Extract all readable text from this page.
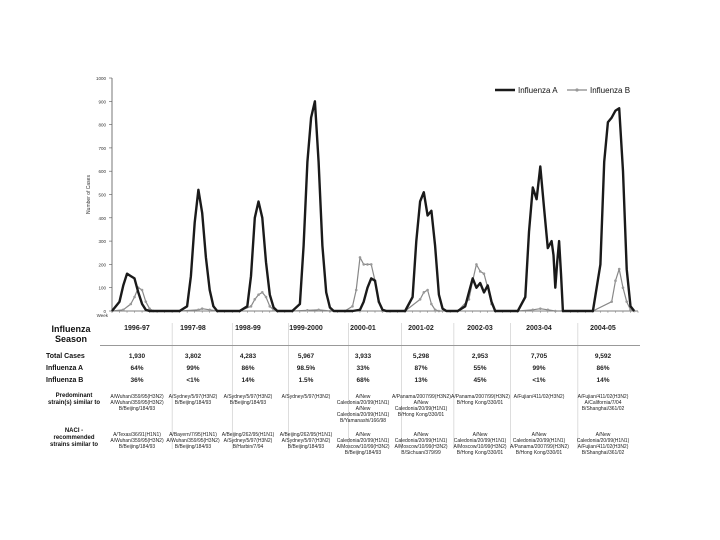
0
100
200
300
400
500
600
700
800
900
1000
Number of Cases
Week
Influenza A	Influenza B
Influenza Season
Total Cases
Influenza A
Influenza B
Predominant strain(s) similar to
NACI - recommended strains similar to
1996-97
1,930
64%
36%
A/Wuhan/359/95(H3N2)
A/Wuhan/359/95(H3N2)
B/Beijing/184/93
A/Texas/36/91(H1N1)
A/Wuhan/359/95(H3N2)
B/Beijing/184/93
1997-98
3,802
99%
<1%
A/Sydney/5/97(H3N2)
B/Beijing/184/93
A/Bayern/7/95(H1N1)
A/Wuhan/359/95(H3N2)
B/Beijing/184/93
1998-99
4,283
86%
14%
A/Sydney/5/97(H3N2)
B/Beijing/184/93
A/Beijing/262/95(H1N1)
A/Sydney/5/97(H3N2)
B/Harbin/7/94
1999-2000
5,967
98.5%
1.5%
A/Sydney/5/97(H3N2)
A/Beijing/262/95(H1N1)
A/Sydney/5/97(H3N2)
B/Beijing/184/93
2000-01
3,933
33%
68%
A/New Caledonia/20/99(H1N1)
A/New Caledonia/20/99(H1N1)
B/Yamanashi/166/98
A/New Caledonia/20/99(H1N1)
A/Moscow/10/99(H3N2)
B/Beijing/184/93
2001-02
5,298
87%
13%
A/Panama/2007/99(H3N2)
A/New Caledonia/20/99(H1N1)
B/Hong Kong/330/01
A/New Caledonia/20/99(H1N1)
A/Moscow/10/99(H3N2)
B/Sichuan/379/99
2002-03
2,953
55%
45%
A/Panama/2007/99(H3N2)
B/Hong Kong/330/01
A/New Caledonia/20/99(H1N1)
A/Moscow/10/99(H3N2)
B/Hong Kong/330/01
2003-04
7,705
99%
<1%
A/Fujian/411/02(H3N2)
A/New Caledonia/20/99(H1N1)
A/Panama/2007/99(H3N2)
B/Hong Kong/330/01
2004-05
9,592
86%
14%
A/Fujian/411/02(H3N2)
A/California/7/04
B/Shanghai/361/02
A/New Caledonia/20/99(H1N1)
A/Fujian/411/02(H3N2)
B/Shanghai/361/02
